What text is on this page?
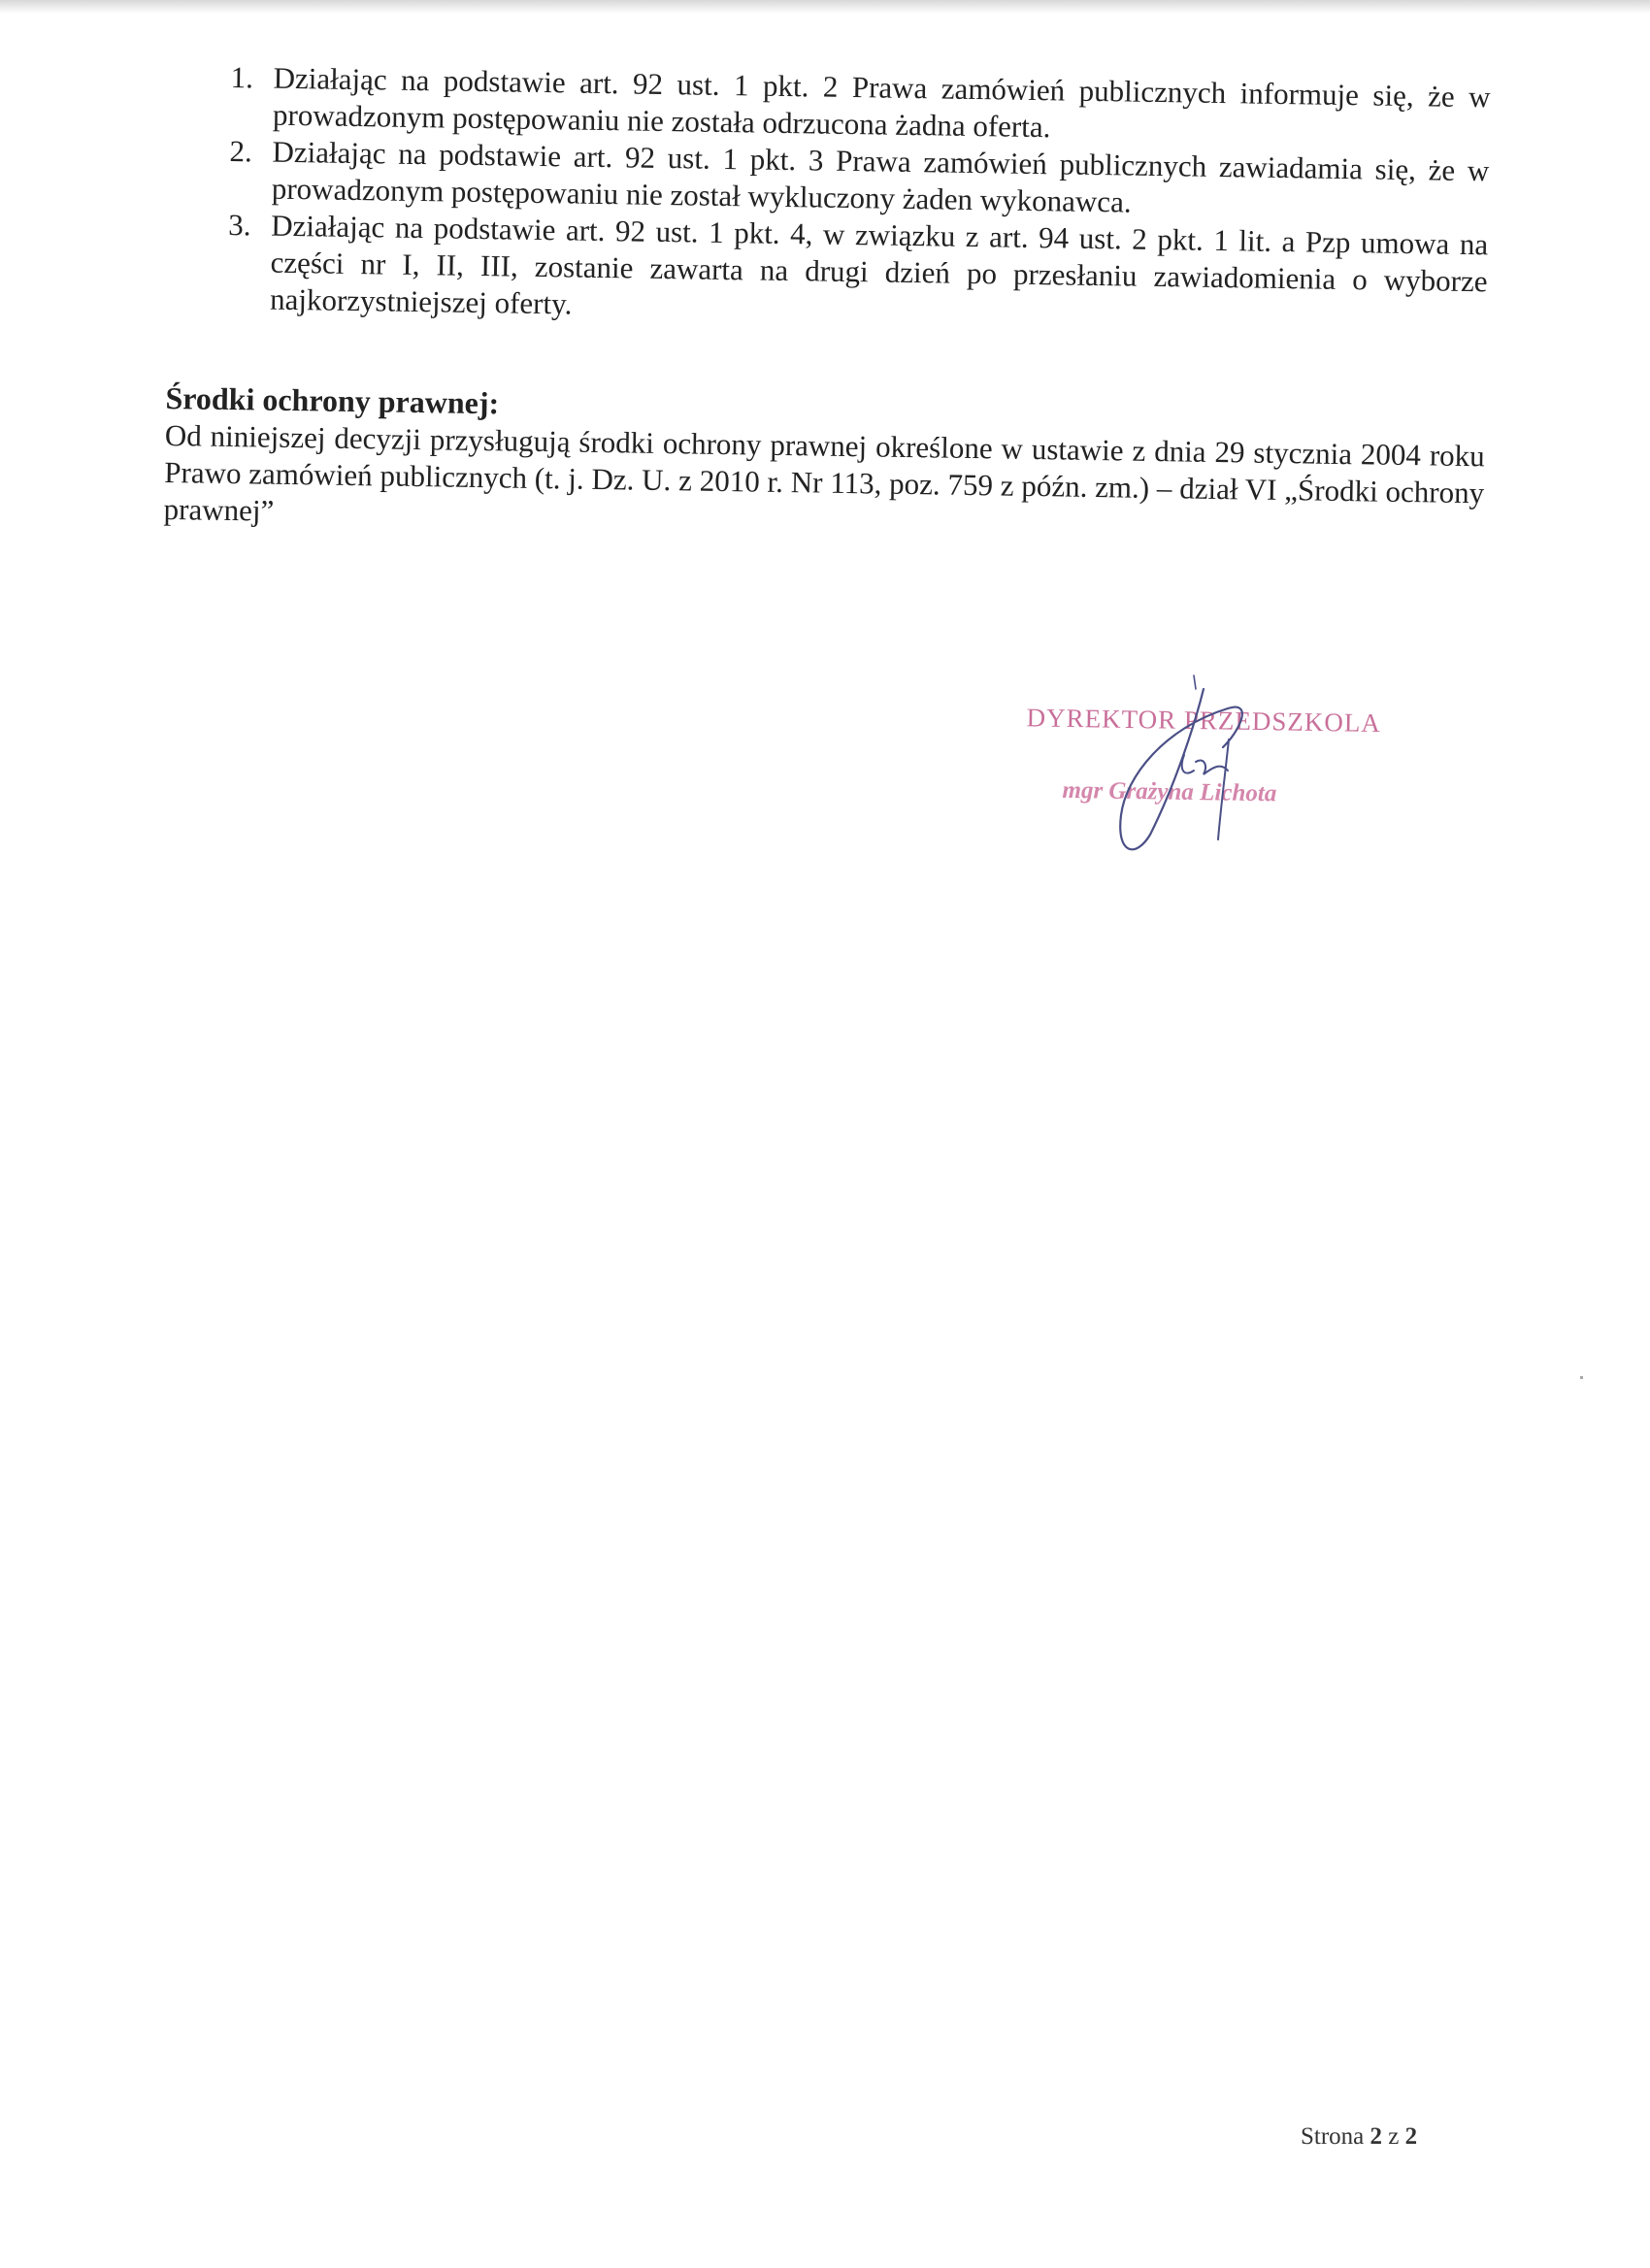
1. Działając na podstawie art. 92 ust. 1 pkt. 2 Prawa zamówień publicznych informuje się, że w prowadzonym postępowaniu nie została odrzucona żadna oferta.
2. Działając na podstawie art. 92 ust. 1 pkt. 3 Prawa zamówień publicznych zawiadamia się, że w prowadzonym postępowaniu nie został wykluczony żaden wykonawca.
3. Działając na podstawie art. 92 ust. 1 pkt. 4, w związku z art. 94 ust. 2 pkt. 1 lit. a Pzp umowa na części nr I, II, III, zostanie zawarta na drugi dzień po przesłaniu zawiadomienia o wyborze najkorzystniejszej oferty.

Środki ochrony prawnej:

Od niniejszej decyzji przysługują środki ochrony prawnej określone w ustawie z dnia 29 stycznia 2004 roku Prawo zamówień publicznych (t. j. Dz. U. z 2010 r. Nr 113, poz. 759 z późn. zm.) – dział VI „Środki ochrony prawnej”

DYREKTOR PRZEDSZKOLA
mgr Grażyna Lichota
Strona 2 z 2
